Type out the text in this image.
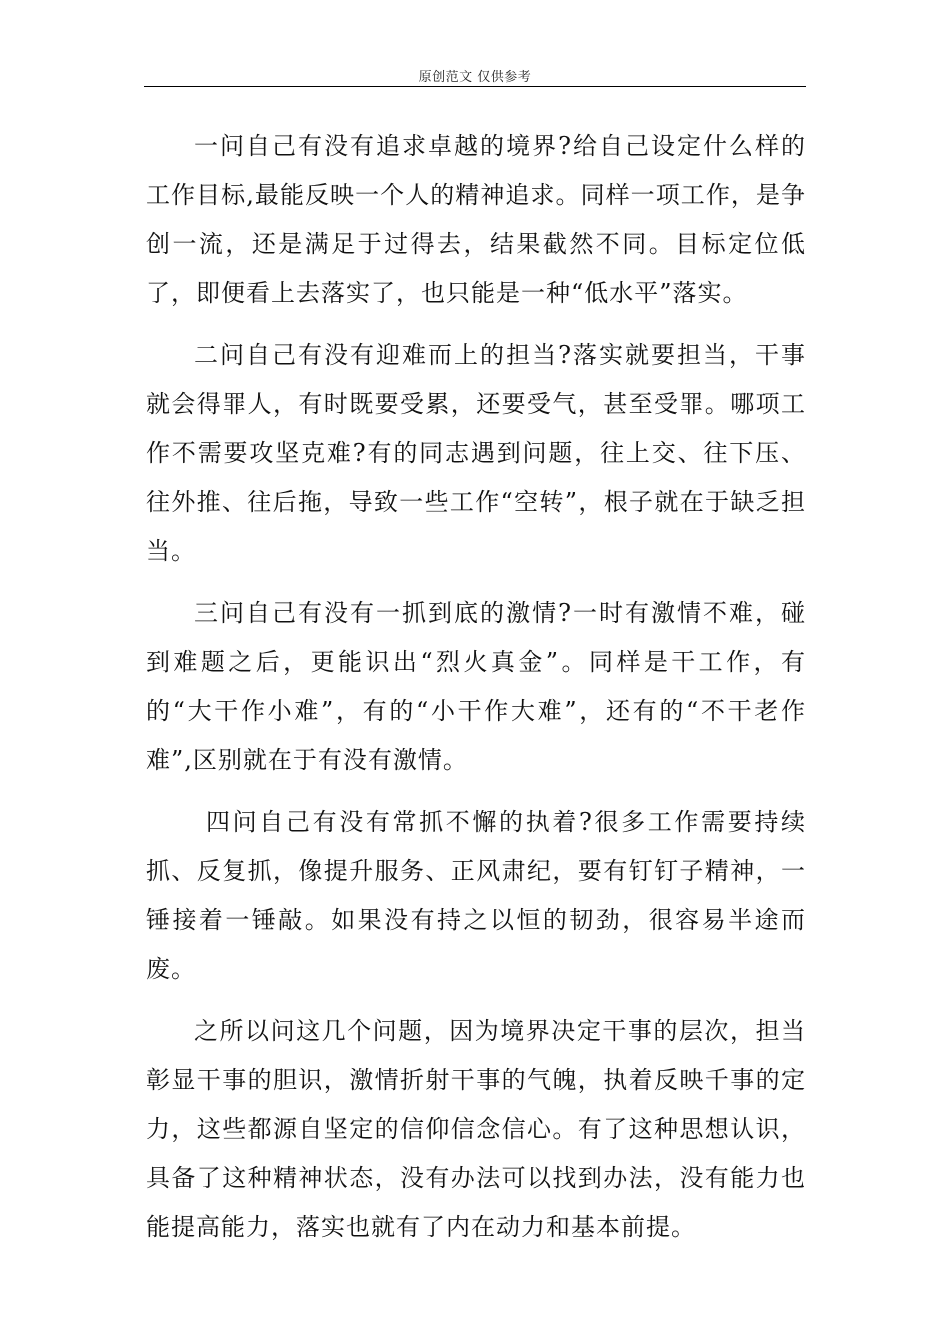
原创范文 仅供参考

一问自己有没有追求卓越的境界?给自己设定什么样的工作目标,最能反映一个人的精神追求。同样一项工作，是争创一流，还是满足于过得去，结果截然不同。目标定位低了，即便看上去落实了，也只能是一种“低水平”落实。

二问自己有没有迎难而上的担当?落实就要担当，干事就会得罪人，有时既要受累，还要受气，甚至受罪。哪项工作不需要攻坚克难?有的同志遇到问题，往上交、往下压、往外推、往后拖，导致一些工作“空转”，根子就在于缺乏担当。

三问自己有没有一抓到底的激情?一时有激情不难，碰到难题之后，更能识出“烈火真金”。同样是干工作，有的“大干作小难”，有的“小干作大难”，还有的“不干老作难”,区别就在于有没有激情。

四问自己有没有常抓不懈的执着?很多工作需要持续抓、反复抓，像提升服务、正风肃纪，要有钉钉子精神，一锤接着一锤敲。如果没有持之以恒的韧劲，很容易半途而废。

之所以问这几个问题，因为境界决定干事的层次，担当彰显干事的胆识，激情折射干事的气魄，执着反映千事的定力，这些都源自坚定的信仰信念信心。有了这种思想认识，具备了这种精神状态，没有办法可以找到办法，没有能力也能提高能力，落实也就有了内在动力和基本前提。
